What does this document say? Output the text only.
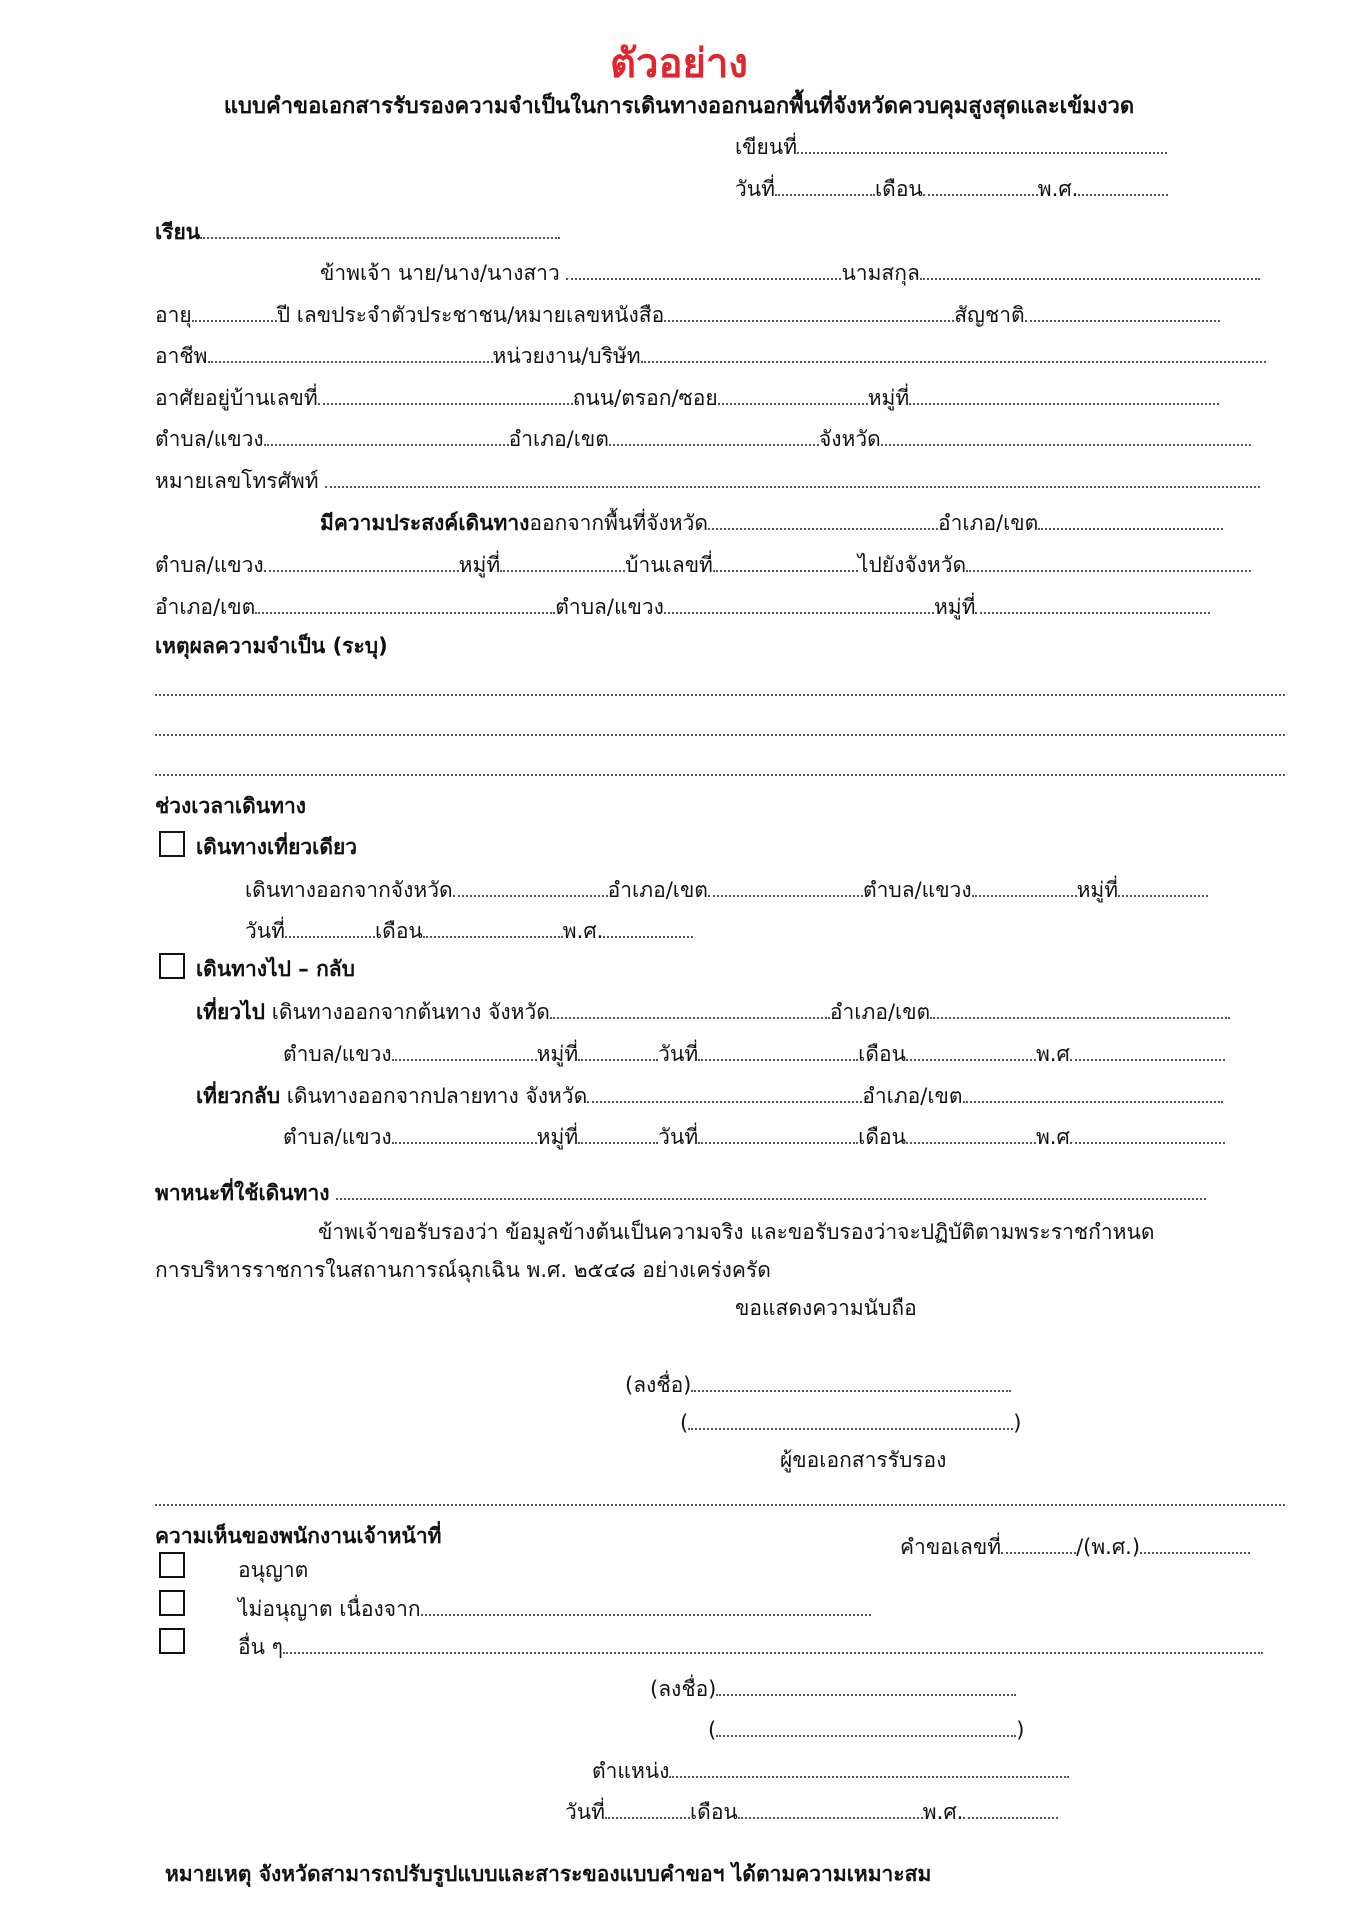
ตัวอย่าง
แบบคำขอเอกสารรับรองความจำเป็นในการเดินทางออกนอกพื้นที่จังหวัดควบคุมสูงสุดและเข้มงวด
เขียนที่
วันที่	เดือน	พ.ศ.
เรียน
ข้าพเจ้า นาย/นาง/นางสาว	นามสกุล
อายุ	ปี เลขประจำตัวประชาชน/หมายเลขหนังสือ	สัญชาติ
อาชีพ	หน่วยงาน/บริษัท
อาศัยอยู่บ้านเลขที่	ถนน/ตรอก/ซอย	หมู่ที่
ตำบล/แขวง	อำเภอ/เขต	จังหวัด
หมายเลขโทรศัพท์
มีความประสงค์เดินทางออกจากพื้นที่จังหวัด	อำเภอ/เขต
ตำบล/แขวง	หมู่ที่	บ้านเลขที่	ไปยังจังหวัด
อำเภอ/เขต	ตำบล/แขวง	หมู่ที่
เหตุผลความจำเป็น (ระบุ)
ช่วงเวลาเดินทาง
เดินทางเที่ยวเดียว
เดินทางออกจากจังหวัด	อำเภอ/เขต	ตำบล/แขวง	หมู่ที่
วันที่	เดือน	พ.ศ.
เดินทางไป – กลับ
เที่ยวไป เดินทางออกจากต้นทาง จังหวัด	อำเภอ/เขต
ตำบล/แขวง	หมู่ที่	วันที่	เดือน	พ.ศ
เที่ยวกลับ เดินทางออกจากปลายทาง จังหวัด	อำเภอ/เขต
ตำบล/แขวง	หมู่ที่	วันที่	เดือน	พ.ศ
พาหนะที่ใช้เดินทาง
ข้าพเจ้าขอรับรองว่า ข้อมูลข้างต้นเป็นความจริง และขอรับรองว่าจะปฏิบัติตามพระราชกำหนด
การบริหารราชการในสถานการณ์ฉุกเฉิน พ.ศ. ๒๕๔๘ อย่างเคร่งครัด
ขอแสดงความนับถือ
(ลงชื่อ)
(	)
ผู้ขอเอกสารรับรอง
ความเห็นของพนักงานเจ้าหน้าที่	คำขอเลขที่	/(พ.ศ.)
อนุญาต
ไม่อนุญาต เนื่องจาก
อื่น ๆ
(ลงชื่อ)
(	)
ตำแหน่ง
วันที่	เดือน	พ.ศ.
หมายเหตุ จังหวัดสามารถปรับรูปแบบและสาระของแบบคำขอฯ ได้ตามความเหมาะสม
